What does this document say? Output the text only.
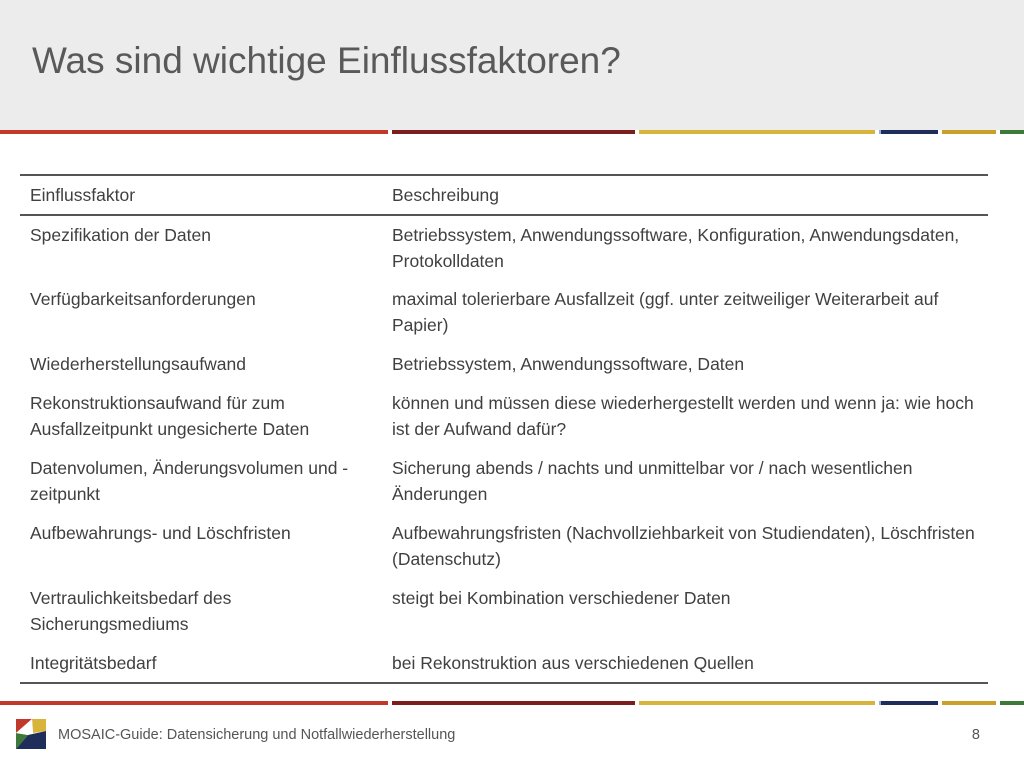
Was sind wichtige Einflussfaktoren?
Einflussfaktor	Beschreibung
Spezifikation der Daten	Betriebssystem, Anwendungssoftware, Konfiguration, Anwendungsdaten, Protokolldaten
Verfügbarkeitsanforderungen	maximal tolerierbare Ausfallzeit (ggf. unter zeitweiliger Weiterarbeit auf Papier)
Wiederherstellungsaufwand	Betriebssystem, Anwendungssoftware, Daten
Rekonstruktionsaufwand für zum Ausfallzeitpunkt ungesicherte Daten	können und müssen diese wiederhergestellt werden und wenn ja: wie hoch ist der Aufwand dafür?
Datenvolumen, Änderungsvolumen und -zeitpunkt	Sicherung abends / nachts und unmittelbar vor / nach wesentlichen Änderungen
Aufbewahrungs- und Löschfristen	Aufbewahrungsfristen (Nachvollziehbarkeit von Studiendaten), Löschfristen (Datenschutz)
Vertraulichkeitsbedarf des Sicherungsmediums	steigt bei Kombination verschiedener Daten
Integritätsbedarf	bei Rekonstruktion aus verschiedenen Quellen
MOSAIC-Guide: Datensicherung und Notfallwiederherstellung	8
